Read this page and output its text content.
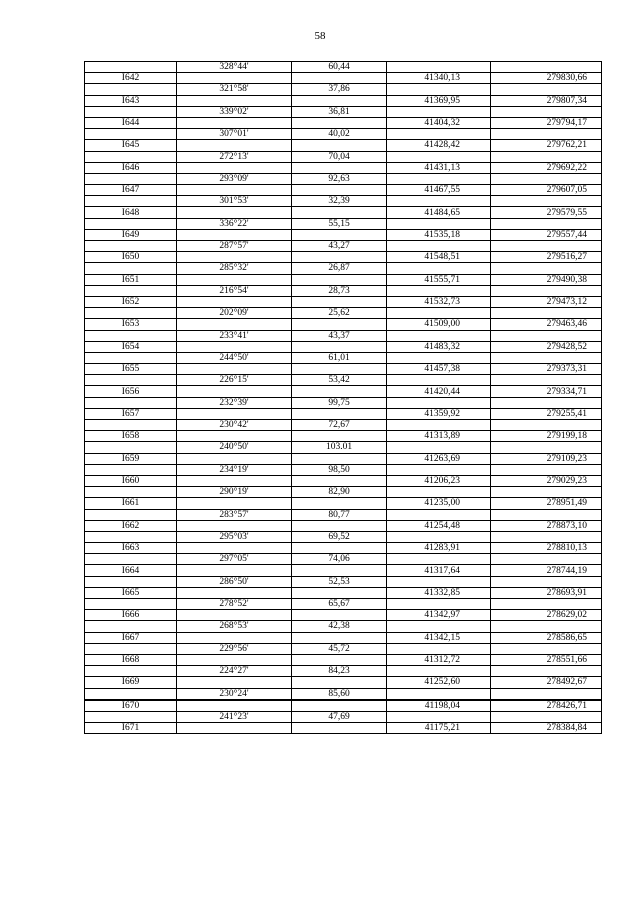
58
	328°44'	60,44		
I642			41340,13	279830,66
	321°58'	37,86		
I643			41369,95	279807,34
	339°02'	36,81		
I644			41404,32	279794,17
	307°01'	40,02		
I645			41428,42	279762,21
	272°13'	70,04		
I646			41431,13	279692,22
	293°09'	92,63		
I647			41467,55	279607,05
	301°53'	32,39		
I648			41484,65	279579,55
	336°22'	55,15		
I649			41535,18	279557,44
	287°57'	43,27		
I650			41548,51	279516,27
	285°32'	26,87		
I651			41555,71	279490,38
	216°54'	28,73		
I652			41532,73	279473,12
	202°09'	25,62		
I653			41509,00	279463,46
	233°41'	43,37		
I654			41483,32	279428,52
	244°50'	61,01		
I655			41457,38	279373,31
	226°15'	53,42		
I656			41420,44	279334,71
	232°39'	99,75		
I657			41359,92	279255,41
	230°42'	72,67		
I658			41313,89	279199,18
	240°50'	103.01		
I659			41263,69	279109,23
	234°19'	98,50		
I660			41206,23	279029,23
	290°19'	82,90		
I661			41235,00	278951,49
	283°57'	80,77		
I662			41254,48	278873,10
	295°03'	69,52		
I663			41283,91	278810,13
	297°05'	74,06		
I664			41317,64	278744,19
	286°50'	52,53		
I665			41332,85	278693,91
	278°52'	65,67		
I666			41342,97	278629,02
	268°53'	42,38		
I667			41342,15	278586,65
	229°56'	45,72		
I668			41312,72	278551,66
	224°27'	84,23		
I669			41252,60	278492,67
	230°24'	85,60		
I670			41198,04	278426,71
	241°23'	47,69		
I671			41175,21	278384,84
